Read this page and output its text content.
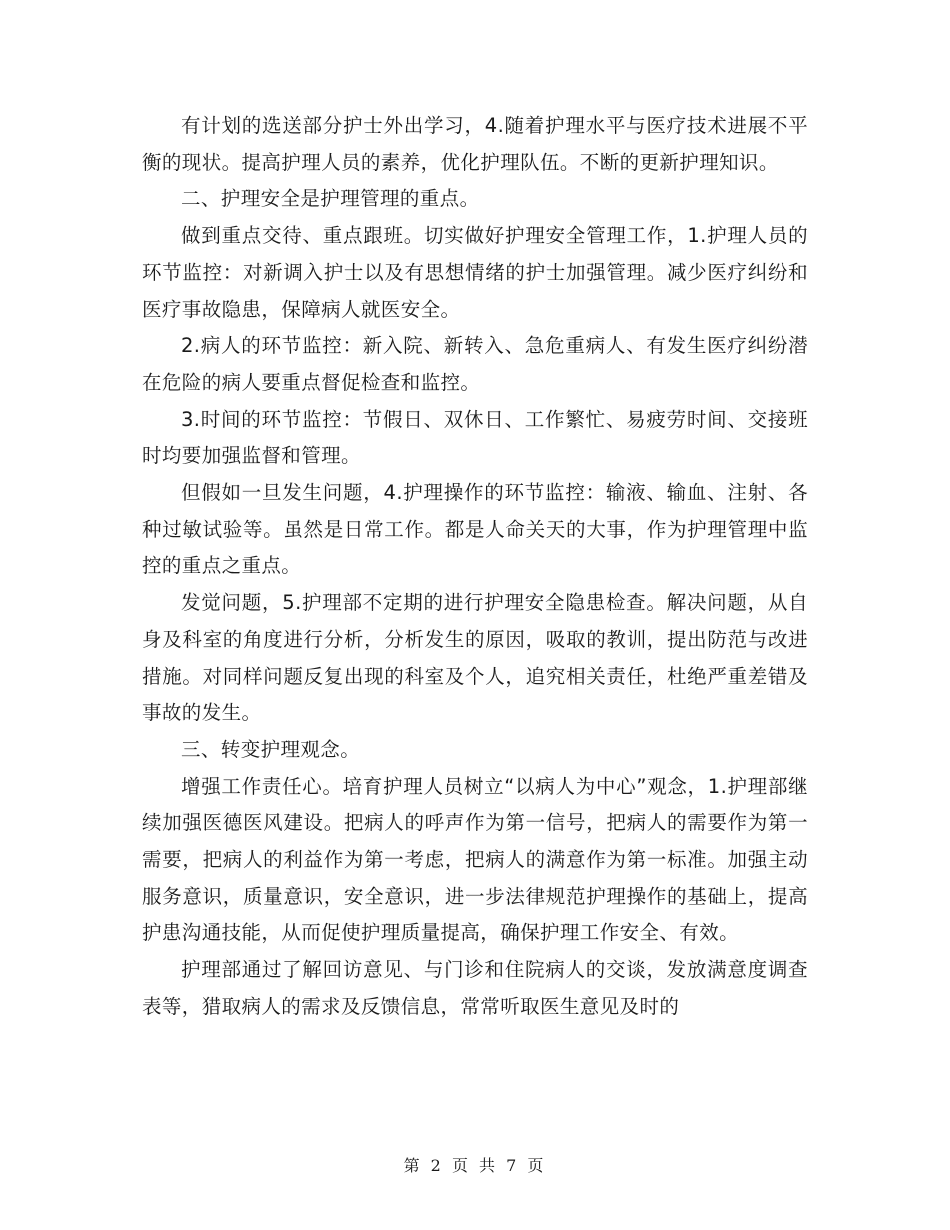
有计划的选送部分护士外出学习，4.随着护理水平与医疗技术进展不平衡的现状。提高护理人员的素养，优化护理队伍。不断的更新护理知识。

二、护理安全是护理管理的重点。

做到重点交待、重点跟班。切实做好护理安全管理工作，1.护理人员的环节监控：对新调入护士以及有思想情绪的护士加强管理。减少医疗纠纷和医疗事故隐患，保障病人就医安全。

2.病人的环节监控：新入院、新转入、急危重病人、有发生医疗纠纷潜在危险的病人要重点督促检查和监控。

3.时间的环节监控：节假日、双休日、工作繁忙、易疲劳时间、交接班时均要加强监督和管理。

但假如一旦发生问题，4.护理操作的环节监控：输液、输血、注射、各种过敏试验等。虽然是日常工作。都是人命关天的大事，作为护理管理中监控的重点之重点。

发觉问题，5.护理部不定期的进行护理安全隐患检查。解决问题，从自身及科室的角度进行分析，分析发生的原因，吸取的教训，提出防范与改进措施。对同样问题反复出现的科室及个人，追究相关责任，杜绝严重差错及事故的发生。

三、转变护理观念。

增强工作责任心。培育护理人员树立“以病人为中心”观念，1.护理部继续加强医德医风建设。把病人的呼声作为第一信号，把病人的需要作为第一需要，把病人的利益作为第一考虑，把病人的满意作为第一标准。加强主动服务意识，质量意识，安全意识，进一步法律规范护理操作的基础上，提高护患沟通技能，从而促使护理质量提高，确保护理工作安全、有效。

护理部通过了解回访意见、与门诊和住院病人的交谈，发放满意度调查表等，猎取病人的需求及反馈信息，常常听取医生意见及时的

第 2 页 共 7 页
